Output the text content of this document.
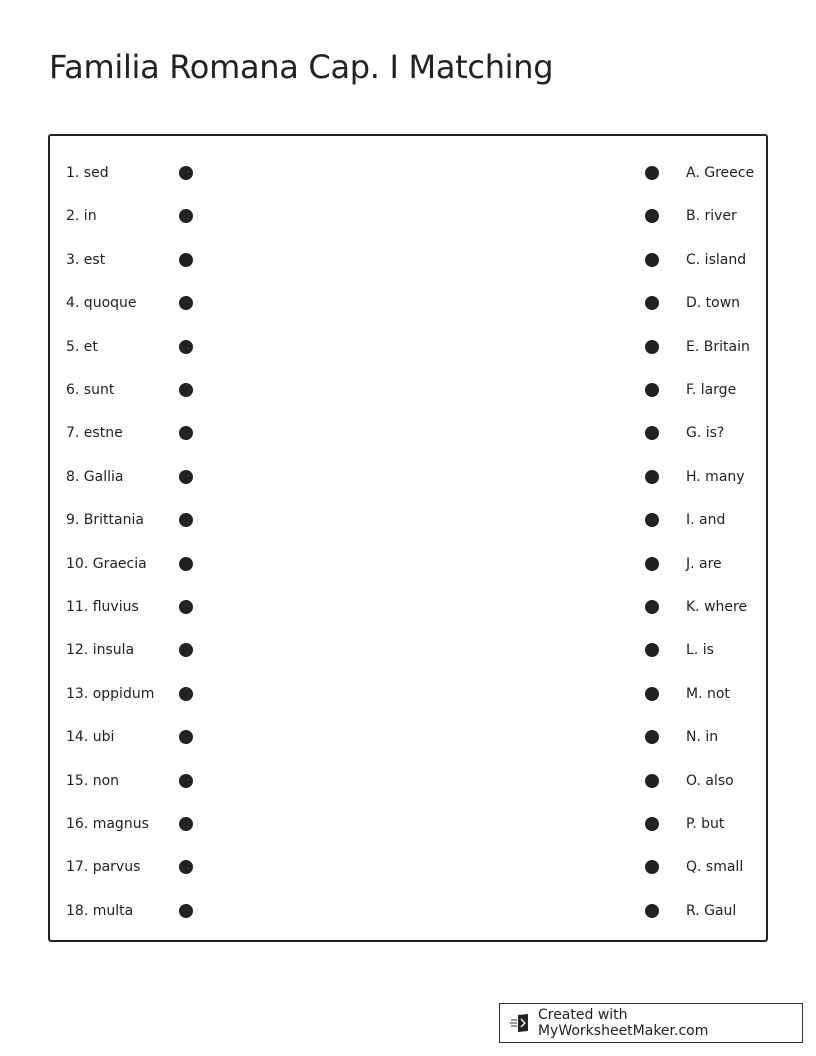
Familia Romana Cap. I Matching
1. sed	A. Greece
2. in	B. river
3. est	C. island
4. quoque	D. town
5. et	E. Britain
6. sunt	F. large
7. estne	G. is?
8. Gallia	H. many
9. Brittania	I. and
10. Graecia	J. are
11. fluvius	K. where
12. insula	L. is
13. oppidum	M. not
14. ubi	N. in
15. non	O. also
16. magnus	P. but
17. parvus	Q. small
18. multa	R. Gaul
Created with MyWorksheetMaker.com
